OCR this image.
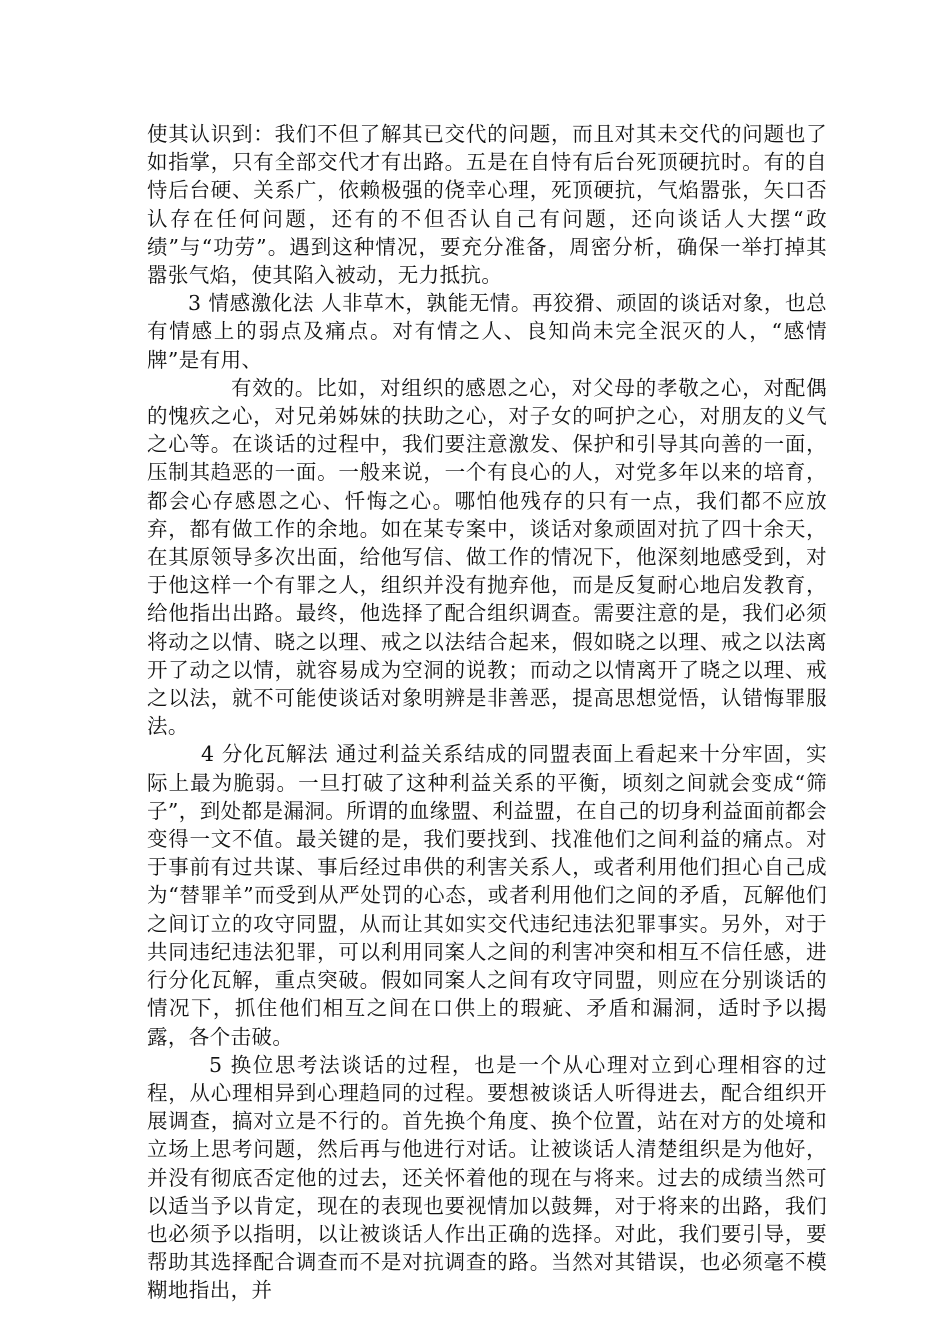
使其认识到：我们不但了解其已交代的问题，而且对其未交代的问题也了如指掌，只有全部交代才有出路。五是在自恃有后台死顶硬抗时。有的自恃后台硬、关系广，依赖极强的侥幸心理，死顶硬抗，气焰嚣张，矢口否认存在任何问题，还有的不但否认自己有问题，还向谈话人大摆“政绩”与“功劳”。遇到这种情况，要充分准备，周密分析，确保一举打掉其嚣张气焰，使其陷入被动，无力抵抗。

3 情感激化法 人非草木，孰能无情。再狡猾、顽固的谈话对象，也总有情感上的弱点及痛点。对有情之人、良知尚未完全泯灭的人，“感情牌”是有用、

有效的。比如，对组织的感恩之心，对父母的孝敬之心，对配偶的愧疚之心，对兄弟姊妹的扶助之心，对子女的呵护之心，对朋友的义气之心等。在谈话的过程中，我们要注意激发、保护和引导其向善的一面，压制其趋恶的一面。一般来说，一个有良心的人，对党多年以来的培育，都会心存感恩之心、忏悔之心。哪怕他残存的只有一点，我们都不应放弃，都有做工作的余地。如在某专案中，谈话对象顽固对抗了四十余天，在其原领导多次出面，给他写信、做工作的情况下，他深刻地感受到，对于他这样一个有罪之人，组织并没有抛弃他，而是反复耐心地启发教育，给他指出出路。最终，他选择了配合组织调查。需要注意的是，我们必须将动之以情、晓之以理、戒之以法结合起来，假如晓之以理、戒之以法离开了动之以情，就容易成为空洞的说教；而动之以情离开了晓之以理、戒之以法，就不可能使谈话对象明辨是非善恶，提高思想觉悟，认错悔罪服法。

4 分化瓦解法 通过利益关系结成的同盟表面上看起来十分牢固，实际上最为脆弱。一旦打破了这种利益关系的平衡，顷刻之间就会变成“筛子”，到处都是漏洞。所谓的血缘盟、利益盟，在自己的切身利益面前都会变得一文不值。最关键的是，我们要找到、找准他们之间利益的痛点。对于事前有过共谋、事后经过串供的利害关系人，或者利用他们担心自己成为“替罪羊”而受到从严处罚的心态，或者利用他们之间的矛盾，瓦解他们之间订立的攻守同盟，从而让其如实交代违纪违法犯罪事实。另外，对于共同违纪违法犯罪，可以利用同案人之间的利害冲突和相互不信任感，进行分化瓦解，重点突破。假如同案人之间有攻守同盟，则应在分别谈话的情况下，抓住他们相互之间在口供上的瑕疵、矛盾和漏洞，适时予以揭露，各个击破。

5 换位思考法谈话的过程，也是一个从心理对立到心理相容的过程，从心理相异到心理趋同的过程。要想被谈话人听得进去，配合组织开展调查，搞对立是不行的。首先换个角度、换个位置，站在对方的处境和立场上思考问题，然后再与他进行对话。让被谈话人清楚组织是为他好，并没有彻底否定他的过去，还关怀着他的现在与将来。过去的成绩当然可以适当予以肯定，现在的表现也要视情加以鼓舞，对于将来的出路，我们也必须予以指明，以让被谈话人作出正确的选择。对此，我们要引导，要帮助其选择配合调查而不是对抗调查的路。当然对其错误，也必须毫不模糊地指出，并
